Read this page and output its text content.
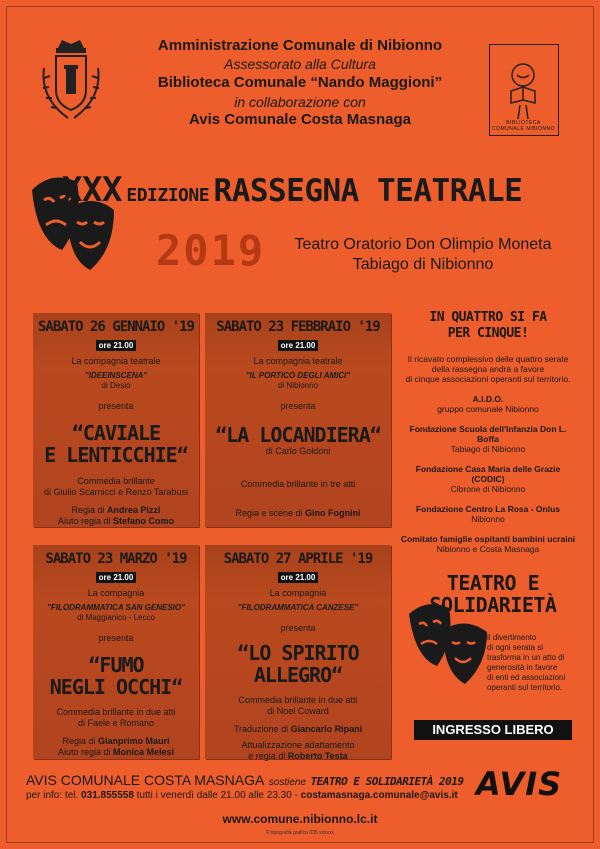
Amministrazione Comunale di Nibionno
Assessorato alla Cultura
Biblioteca Comunale “Nando Maggioni”
in collaborazione con
Avis Comunale Costa Masnaga	BIBLIOTECA COMUNALE NIBIONNO
XXX EDIZIONE RASSEGNA TEATRALE
2019	Teatro Oratorio Don Olimpio Moneta
Tabiago di Nibionno
SABATO 26 GENNAIO '19
ore 21.00
La compagnia teatrale
"IDEEINSCENA"
di Desio
presenta
“CAVIALE
E LENTICCHIE“
Commedia brillante
di Giulio Scarnicci e Renzo Tarabusi
Regia di Andrea Pizzi
Aiuto regia di Stefano Como
SABATO 23 FEBBRAIO '19
ore 21.00
La compagnia teatrale
"IL PORTICO DEGLI AMICI"
di Nibionno
presenta
“LA LOCANDIERA“
di Carlo Goldoni
Commedia brillante in tre atti
Regia e scene di Gino Fognini
SABATO 23 MARZO '19
ore 21.00
La compagnia
"FILODRAMMATICA SAN GENESIO"
di Maggianico - Lecco
presenta
“FUMO
NEGLI OCCHI“
Commedia brillante in due atti
di Faele e Romano
Regia di Gianprimo Mauri
Aiuto regia di Monica Melesi
SABATO 27 APRILE '19
ore 21.00
La compagnia
"FILODRAMMATICA CANZESE"
presenta
“LO SPIRITO
ALLEGRO“
Commedia brillante in due atti
di Noel Coward
Traduzione di Giancarlo Ripani
Attualizzazione adattamento
e regia di Roberto Testa
IN QUATTRO SI FA
PER CINQUE!
Il ricavato complessivo delle quattro serate
della rassegna andrà a favore
di cinque associazioni operanti sul territorio.
A.I.D.O.
gruppo comunale Nibionno
Fondazione Scuola dell'Infanzia Don L. Boffa
Tabiago di Nibionno
Fondazione Casa Maria delle Grazie (CODIC)
Cibrone di Nibionno
Fondazione Centro La Rosa - Onlus
Nibionno
Comitato famiglie ospitanti bambini ucraini
Nibionno e Costa Masnaga
TEATRO E
SOLIDARIETÀ
il divertimento
di ogni serata si
trasforma in un atto di
generosità in favore
di enti ed associazioni
operanti sul territorio.
INGRESSO LIBERO
AVIS COMUNALE COSTA MASNAGA sostiene TEATRO E SOLIDARIETÀ 2019
per info: tel. 031.855558 tutti i venerdì dalle 21.00 alle 23.30 - costamasnaga.comunale@avis.it AVIS
www.comune.nibionno.lc.it
© tipografia grafica 035 xxxxxx
